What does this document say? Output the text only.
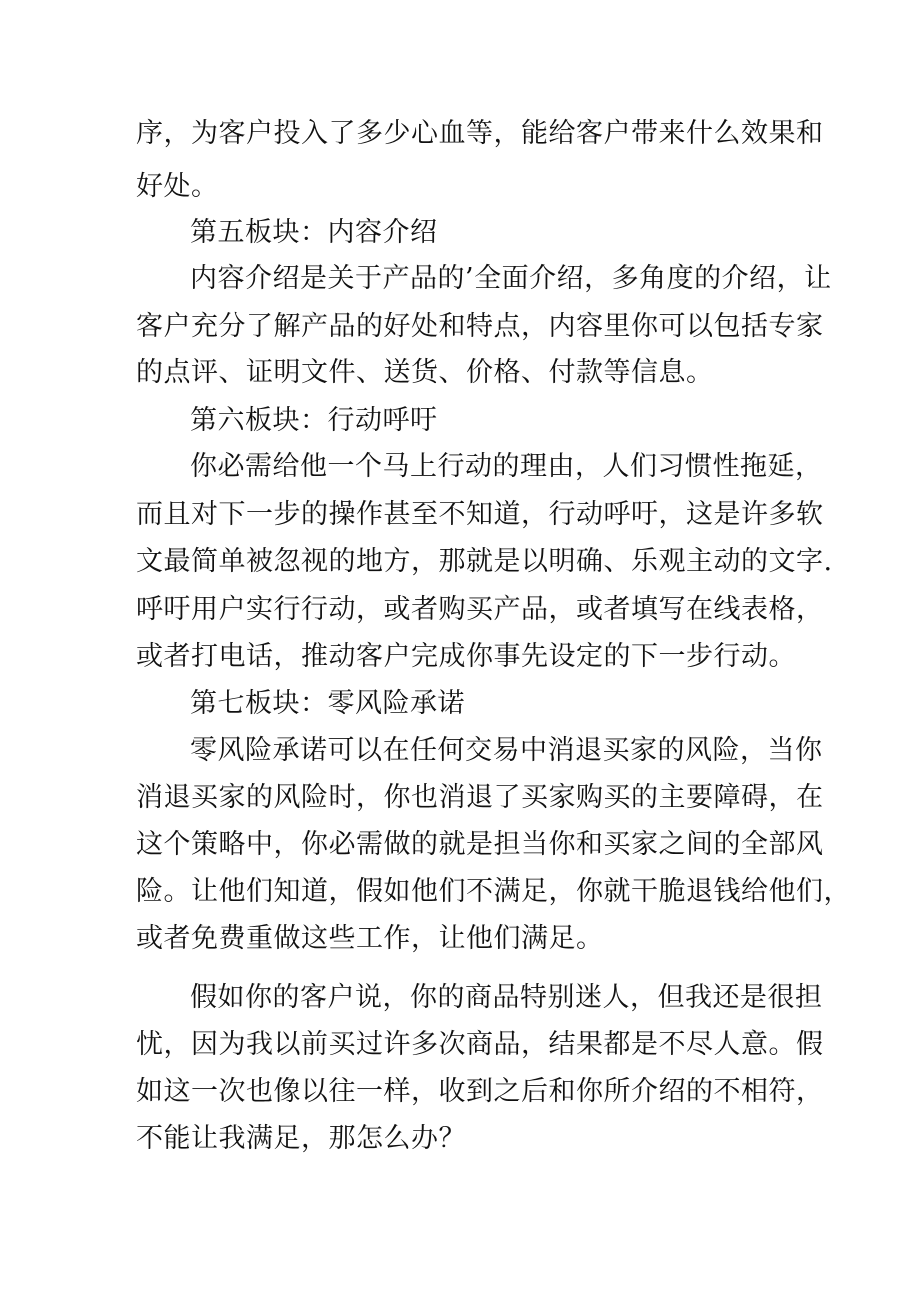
序，为客户投入了多少心血等，能给客户带来什么效果和
好处。
第五板块：内容介绍
内容介绍是关于产品的’全面介绍，多角度的介绍，让
客户充分了解产品的好处和特点，内容里你可以包括专家
的点评、证明文件、送货、价格、付款等信息。
第六板块：行动呼吁
你必需给他一个马上行动的理由，人们习惯性拖延，
而且对下一步的操作甚至不知道，行动呼吁，这是许多软
文最简单被忽视的地方，那就是以明确、乐观主动的文字.
呼吁用户实行行动，或者购买产品，或者填写在线表格，
或者打电话，推动客户完成你事先设定的下一步行动。
第七板块：零风险承诺
零风险承诺可以在任何交易中消退买家的风险，当你
消退买家的风险时，你也消退了买家购买的主要障碍，在
这个策略中，你必需做的就是担当你和买家之间的全部风
险。让他们知道，假如他们不满足，你就干脆退钱给他们，
或者免费重做这些工作，让他们满足。
假如你的客户说，你的商品特别迷人，但我还是很担
忧，因为我以前买过许多次商品，结果都是不尽人意。假
如这一次也像以往一样，收到之后和你所介绍的不相符，
不能让我满足，那怎么办？
